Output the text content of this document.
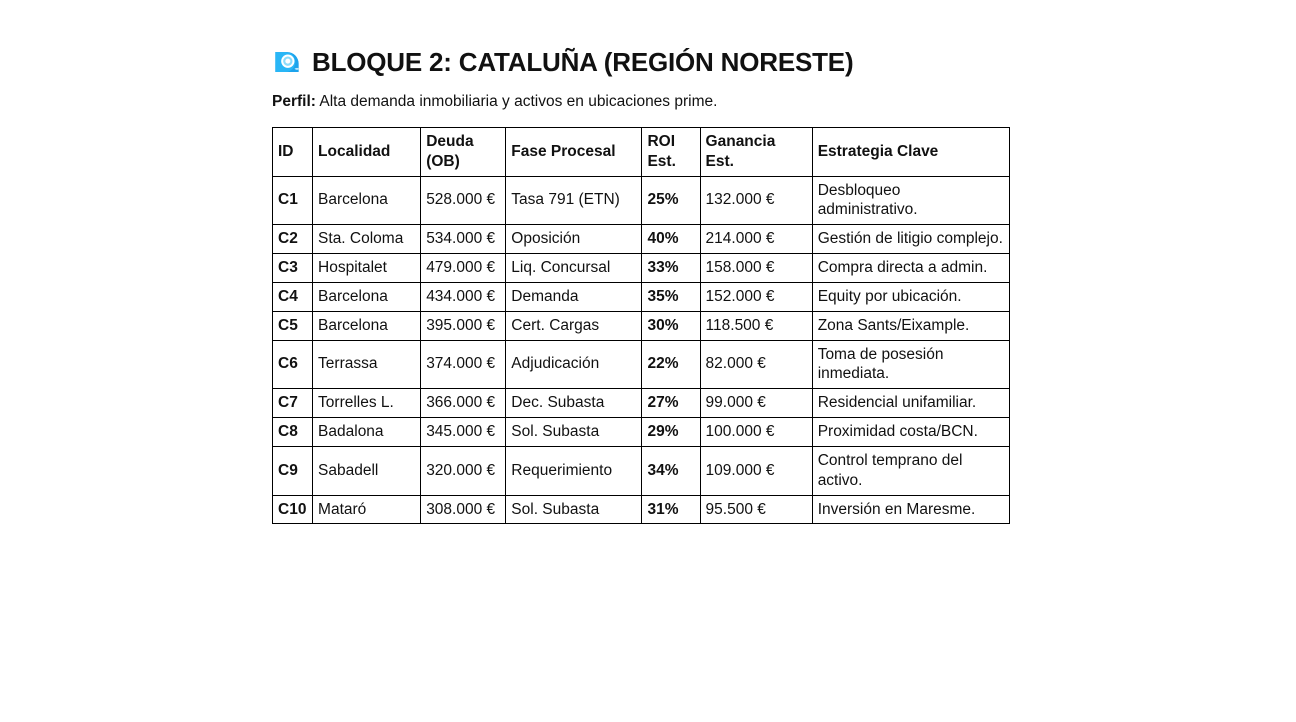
BLOQUE 2: CATALUÑA (REGIÓN NORESTE)

Perfil: Alta demanda inmobiliaria y activos en ubicaciones prime.

ID	Localidad	Deuda (OB)	Fase Procesal	ROI Est.	Ganancia Est.	Estrategia Clave
C1	Barcelona	528.000 €	Tasa 791 (ETN)	25%	132.000 €	Desbloqueo administrativo.
C2	Sta. Coloma	534.000 €	Oposición	40%	214.000 €	Gestión de litigio complejo.
C3	Hospitalet	479.000 €	Liq. Concursal	33%	158.000 €	Compra directa a admin.
C4	Barcelona	434.000 €	Demanda	35%	152.000 €	Equity por ubicación.
C5	Barcelona	395.000 €	Cert. Cargas	30%	118.500 €	Zona Sants/Eixample.
C6	Terrassa	374.000 €	Adjudicación	22%	82.000 €	Toma de posesión inmediata.
C7	Torrelles L.	366.000 €	Dec. Subasta	27%	99.000 €	Residencial unifamiliar.
C8	Badalona	345.000 €	Sol. Subasta	29%	100.000 €	Proximidad costa/BCN.
C9	Sabadell	320.000 €	Requerimiento	34%	109.000 €	Control temprano del activo.
C10	Mataró	308.000 €	Sol. Subasta	31%	95.500 €	Inversión en Maresme.
